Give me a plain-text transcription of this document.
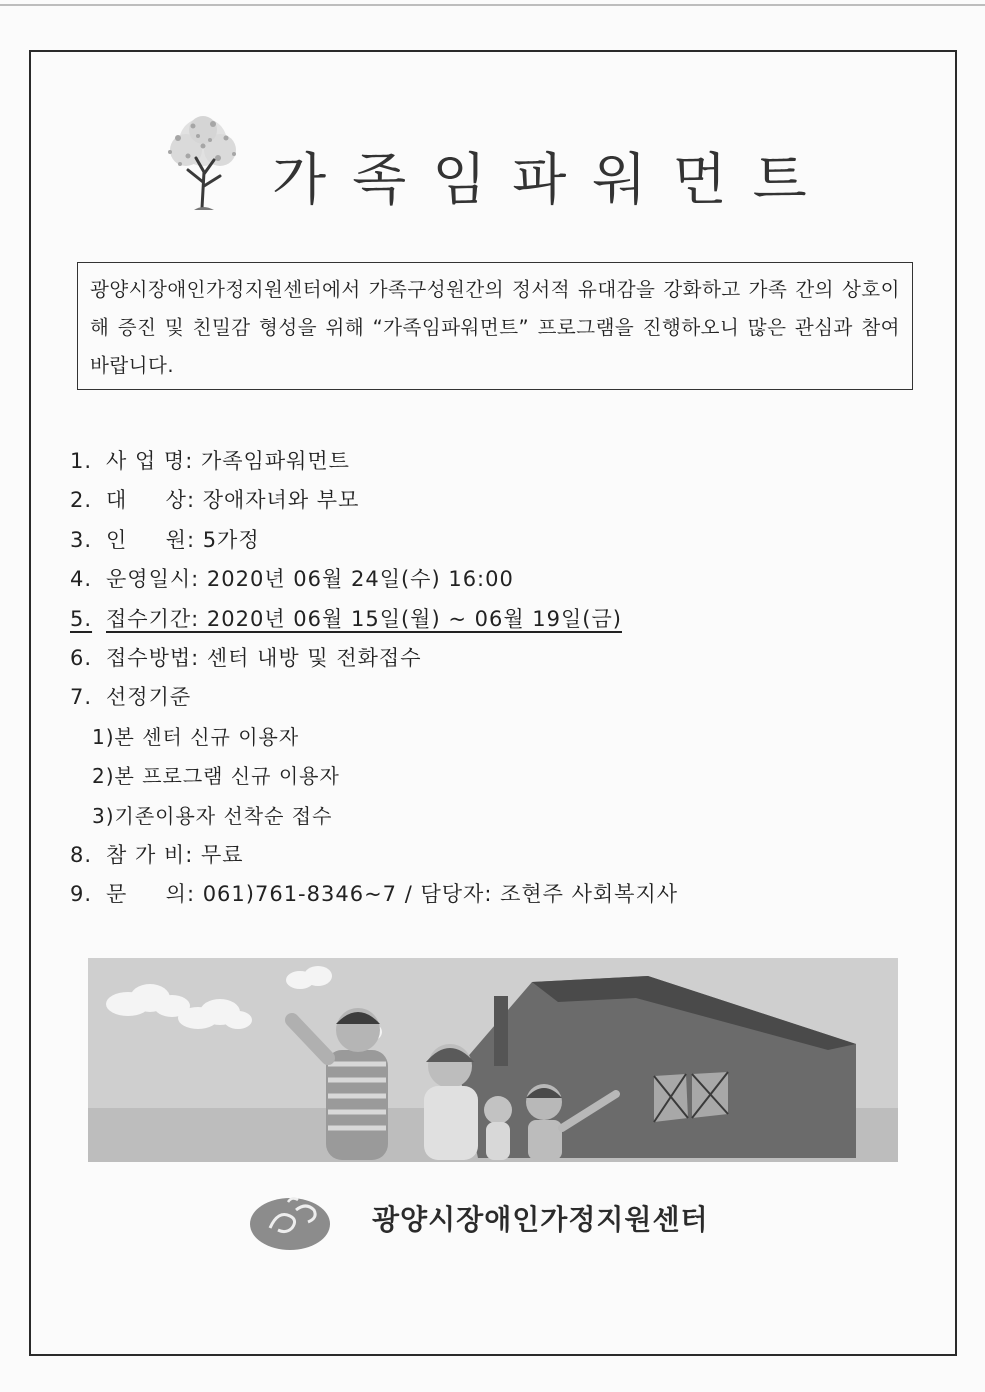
가족임파워먼트
광양시장애인가정지원센터에서 가족구성원간의 정서적 유대감을 강화하고 가족 간의 상호이해 증진 및 친밀감 형성을 위해 “가족임파워먼트” 프로그램을 진행하오니 많은 관심과 참여바랍니다.
1. 사 업 명: 가족임파워먼트
2. 대     상: 장애자녀와 부모
3. 인     원: 5가정
4. 운영일시: 2020년 06월 24일(수) 16:00
5. 접수기간: 2020년 06월 15일(월) ~ 06월 19일(금)
6. 접수방법: 센터 내방 및 전화접수
7. 선정기준
1)본 센터 신규 이용자
2)본 프로그램 신규 이용자
3)기존이용자 선착순 접수
8. 참 가 비: 무료
9. 문     의: 061)761-8346~7 / 담당자: 조현주 사회복지사
광양시장애인가정지원센터
